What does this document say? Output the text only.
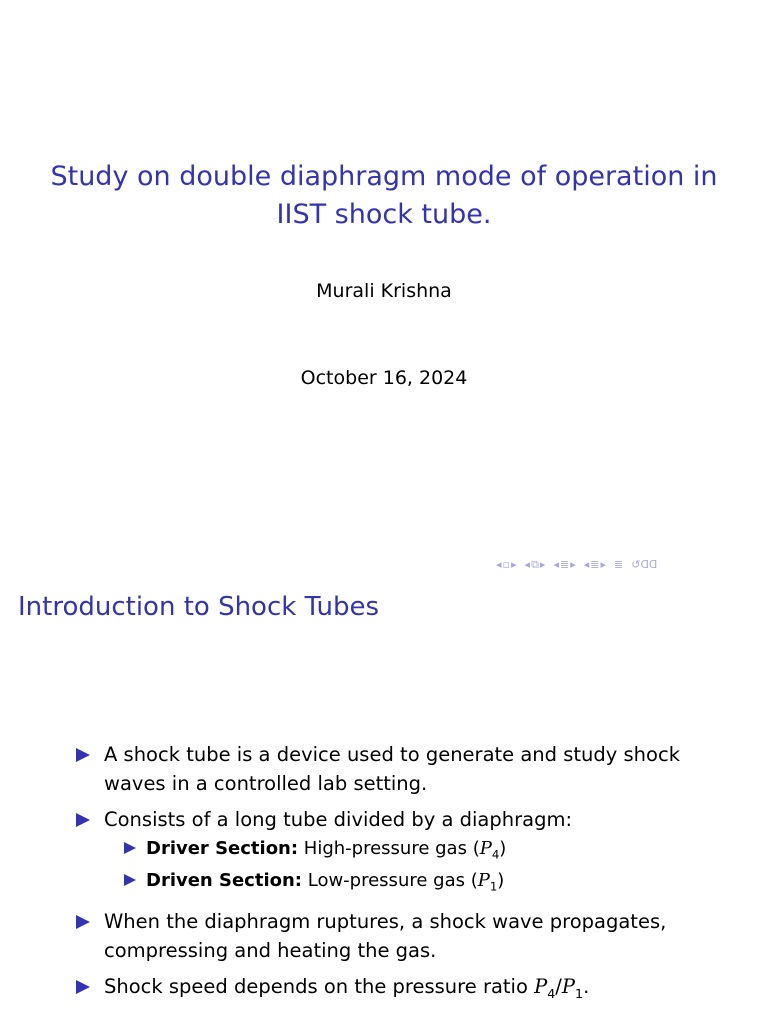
Study on double diaphragm mode of operation in
IIST shock tube.
Murali Krishna
October 16, 2024
◂ ▫ ▸ ◂ ⧉ ▸ ◂ ≣ ▸ ◂ ≣ ▸ ≣ ↺ᗡᗡ
Introduction to Shock Tubes
A shock tube is a device used to generate and study shock waves in a controlled lab setting.
Consists of a long tube divided by a diaphragm:
Driver Section: High-pressure gas $(P_4)$
Driven Section: Low-pressure gas $(P_1)$
When the diaphragm ruptures, a shock wave propagates, compressing and heating the gas.
Shock speed depends on the pressure ratio $P_4/P_1$.
